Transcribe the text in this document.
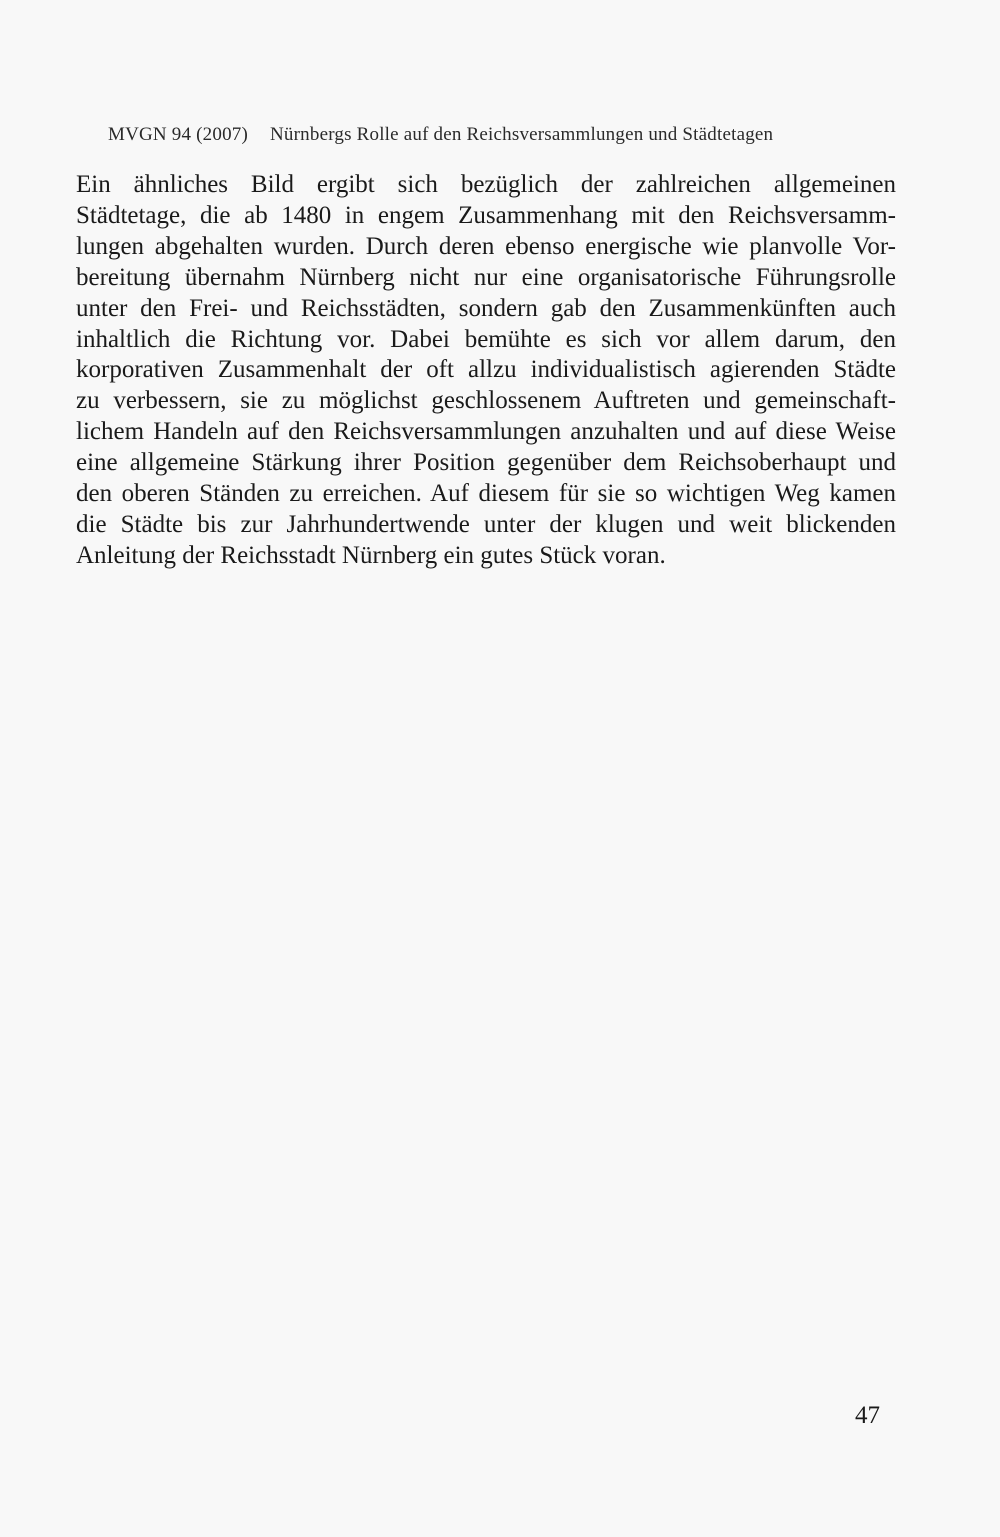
MVGN 94 (2007) Nürnbergs Rolle auf den Reichsversammlungen und Städtetagen
Ein ähnliches Bild ergibt sich bezüglich der zahlreichen allgemeinen
Städtetage, die ab 1480 in engem Zusammenhang mit den Reichsversamm-
lungen abgehalten wurden. Durch deren ebenso energische wie planvolle Vor-
bereitung übernahm Nürnberg nicht nur eine organisatorische Führungsrolle
unter den Frei- und Reichsstädten, sondern gab den Zusammenkünften auch
inhaltlich die Richtung vor. Dabei bemühte es sich vor allem darum, den
korporativen Zusammenhalt der oft allzu individualistisch agierenden Städte
zu verbessern, sie zu möglichst geschlossenem Auftreten und gemeinschaft-
lichem Handeln auf den Reichsversammlungen anzuhalten und auf diese Weise
eine allgemeine Stärkung ihrer Position gegenüber dem Reichsoberhaupt und
den oberen Ständen zu erreichen. Auf diesem für sie so wichtigen Weg kamen
die Städte bis zur Jahrhundertwende unter der klugen und weit blickenden
Anleitung der Reichsstadt Nürnberg ein gutes Stück voran.
47
